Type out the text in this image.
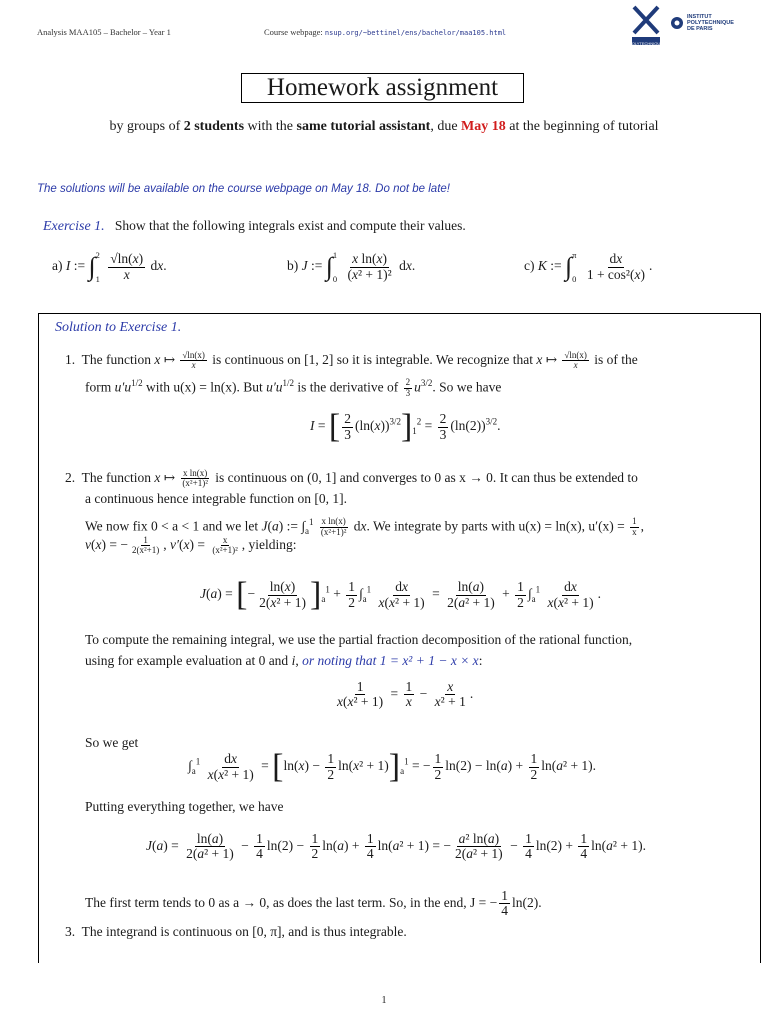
Analysis MAA105 – Bachelor – Year 1	Course webpage: nsup.org/~bettinel/ens/bachelor/maa105.html
POLYTECHNIQUE
INSTITUT
POLYTECHNIQUE
DE PARIS
Homework assignment
by groups of 2 students with the same tutorial assistant, due May 18 at the beginning of tutorial
The solutions will be available on the course webpage on May 18. Do not be late!
Exercise 1. Show that the following integrals exist and compute their values.
a) I := ∫ 2
1
$\frac{√\ln(x)}{x}$ dx.	b) J := ∫ 1
0
$\frac{\text{x ln(x)}}{\text{(x² + 1)²}}$ dx.	c) K := ∫ π
0
$\frac{dx}{\text{1 + cos²(x)}}$ .
Solution to Exercise 1.
1.  The function x ↦ $\frac{√\ln(x)}{x}$ is continuous on [1, 2] so it is integrable. We recognize that x ↦ $\frac{√\ln(x)}{x}$ is of the
form $u'u^{1/2}$ with u(x) = ln(x). But $u'u^{1/2}$ is the derivative of $\frac{2}{3} u^{3/2}$. So we have
I = [ $\frac{2}{3} (\ln(x))^{3/2}]_1^2 = \frac{2}{3} (\ln(2))^{3/2}$.
2.  The function x ↦ $\frac{\text{x ln(x)}}{\text{(x²+1)²}}$ is continuous on (0, 1] and converges to 0 as x → 0. It can thus be extended to
a continuous hence integrable function on [0, 1].
We now fix 0 < a < 1 and we let J(a) := $\int_a^1 \frac{\text{x ln(x)}}{\text{(x²+1)²}}$ dx. We integrate by parts with u(x) = ln(x), $u'(x) = \frac{1}{x}$ ,
v(x) = − $\frac{1}{\text{2(x²+1)}}$ , $v'(x) = \frac{x}{\text{(x²+1)²}}$ , yielding:
J(a) = [− $\frac{\ln(x)}{\text{2(x² + 1)}} ]_a^1 + \frac{1}{2} \int_a^1 \frac{dx}{\text{x(x² + 1)}} = \frac{\ln(a)}{\text{2(a² + 1)}} + \frac{1}{2} \int_a^1 \frac{dx}{\text{x(x² + 1)}}$ .
To compute the remaining integral, we use the partial fraction decomposition of the rational function,
using for example evaluation at 0 and i, or noting that 1 = x² + 1 − x × x:
$\frac{1}{\text{x(x² + 1)}} = \frac{1}{x} - \frac{x}{\text{x² + 1}}$ .
So we get
$\int_a^1 \frac{dx}{\text{x(x² + 1)}} = [\ln(x) - \frac{1}{2} \ln(x^2 + 1)]_a^1$ = − $\frac{1}{2} \ln(2) - \ln(a) + \frac{1}{2} \ln(a^2 + 1)$.
Putting everything together, we have
$J(a) = \frac{\ln(a)}{\text{2(a² + 1)}} - \frac{1}{4} \ln(2) - \frac{1}{2} \ln(a) + \frac{1}{4} \ln(a^2 + 1)$ = − $\frac{\text{a² ln(a)}}{\text{2(a² + 1)}} - \frac{1}{4} \ln(2) + \frac{1}{4} \ln(a^2 + 1)$.
The first term tends to 0 as a → 0, as does the last term. So, in the end, J = − $\frac{1}{4} \ln(2)$.
3.  The integrand is continuous on [0, π], and is thus integrable.
1
